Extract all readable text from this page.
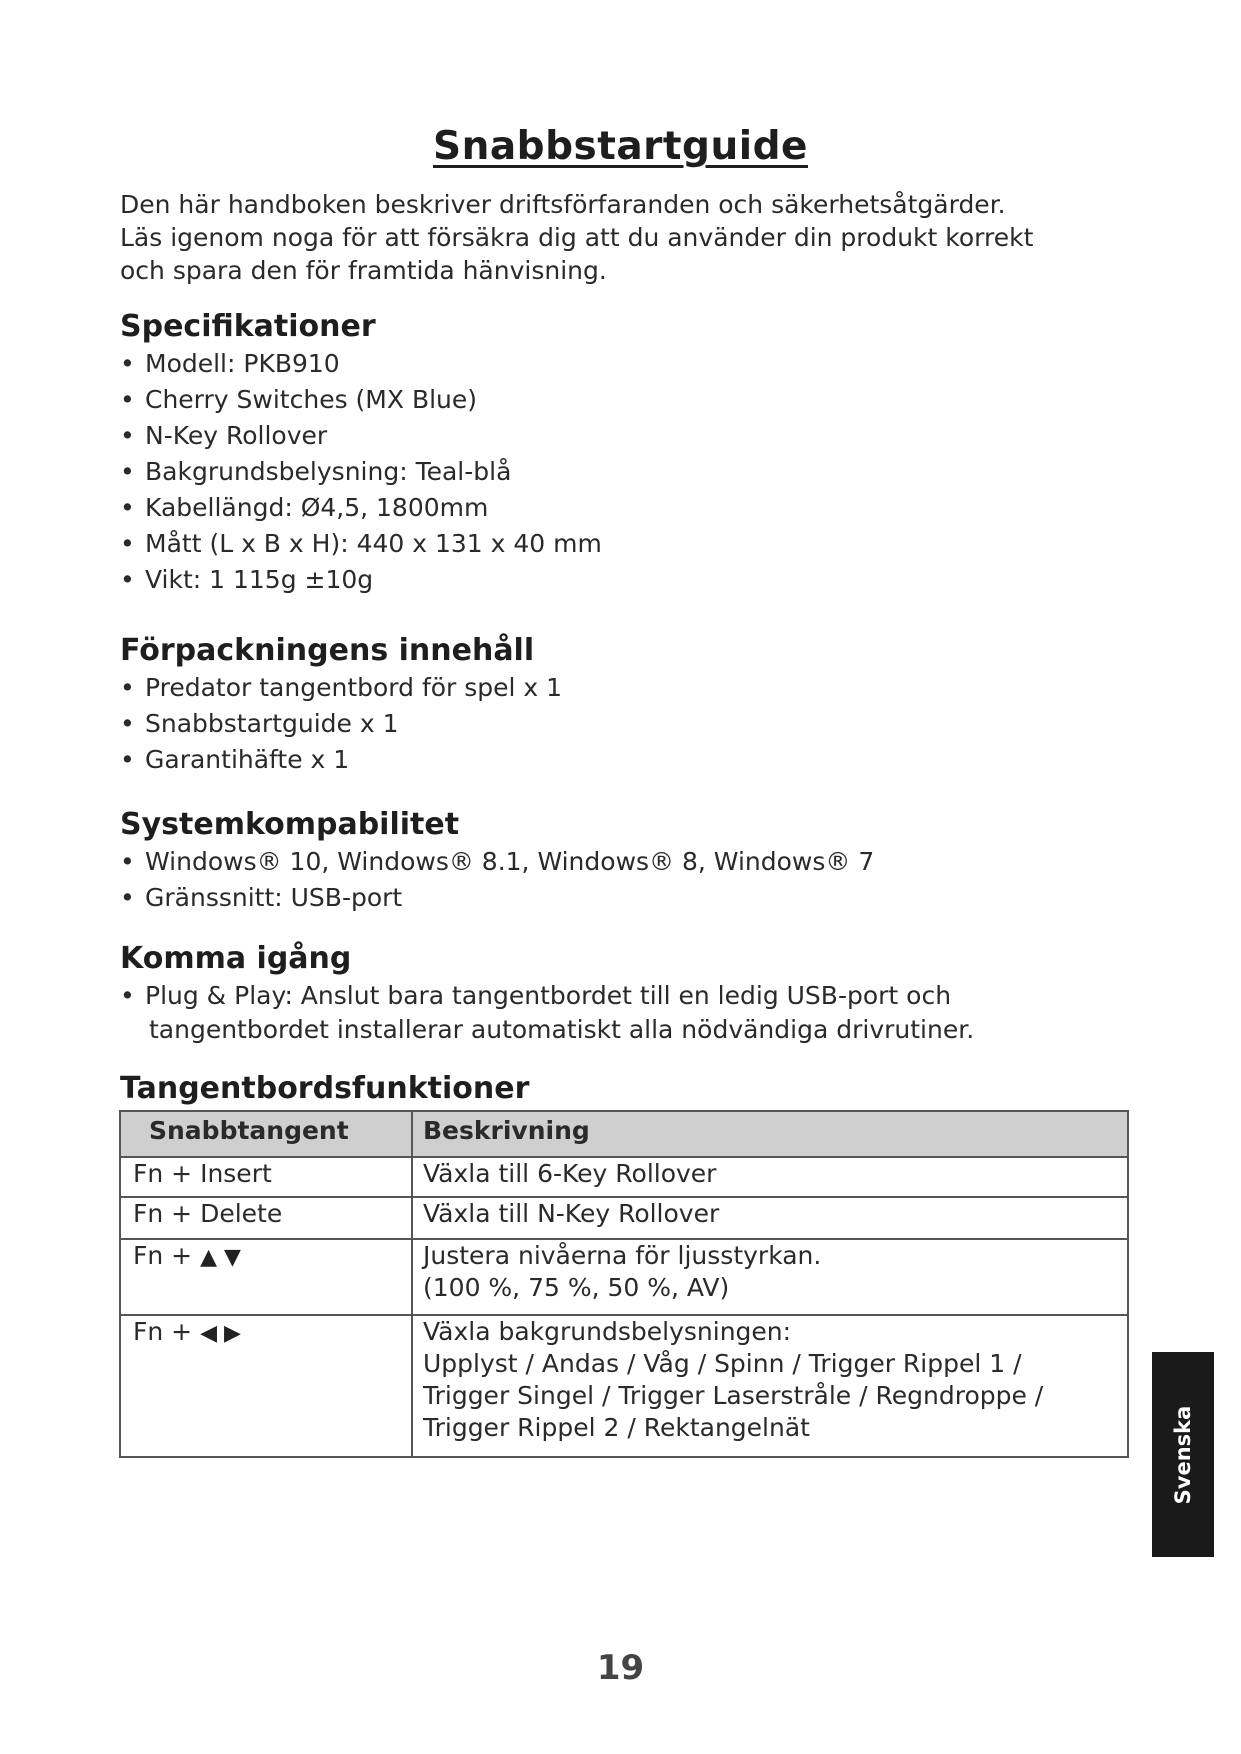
Snabbstartguide
Den här handboken beskriver driftsförfaranden och säkerhetsåtgärder.
Läs igenom noga för att försäkra dig att du använder din produkt korrekt
och spara den för framtida hänvisning.
Specifikationer
• Modell: PKB910
• Cherry Switches (MX Blue)
• N-Key Rollover
• Bakgrundsbelysning: Teal-blå
• Kabellängd: Ø4,5, 1800mm
• Mått (L x B x H): 440 x 131 x 40 mm
• Vikt: 1 115g ±10g
Förpackningens innehåll
• Predator tangentbord för spel x 1
• Snabbstartguide x 1
• Garantihäfte x 1
Systemkompabilitet
• Windows® 10, Windows® 8.1, Windows® 8, Windows® 7
• Gränssnitt: USB-port
Komma igång
• Plug & Play: Anslut bara tangentbordet till en ledig USB-port och
tangentbordet installerar automatiskt alla nödvändiga drivrutiner.
Tangentbordsfunktioner
Snabbtangent	Beskrivning
Fn + Insert	Växla till 6-Key Rollover
Fn + Delete	Växla till N-Key Rollover
Fn + ▲ ▼	Justera nivåerna för ljusstyrkan.
(100 %, 75 %, 50 %, AV)

Fn + ◀ ▶	Växla bakgrundsbelysningen:
Upplyst / Andas / Våg / Spinn / Trigger Rippel 1 /
Trigger Singel / Trigger Laserstråle / Regndroppe /
Trigger Rippel 2 / Rektangelnät	Svenska
19
